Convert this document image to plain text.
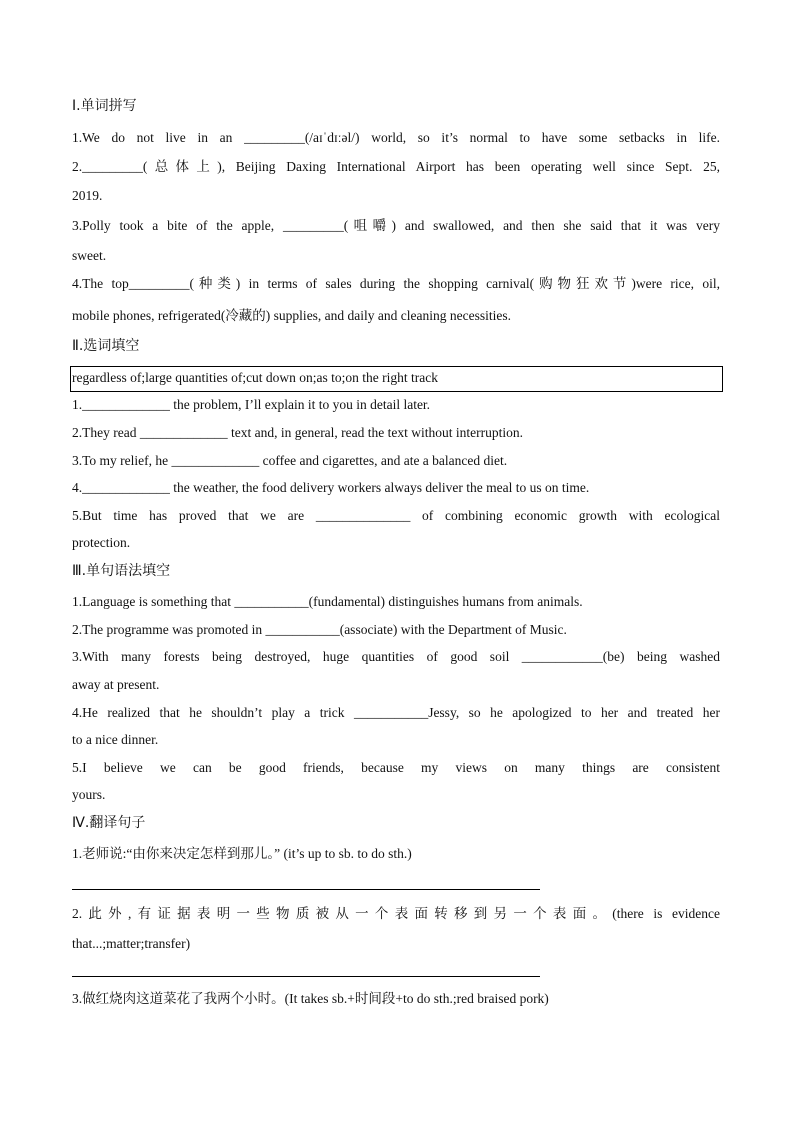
Ⅰ.单词拼写
1.We do not live in an _________(/aɪˈdɪːəl/) world, so it’s normal to have some setbacks in life.
2._________(总体上), Beijing Daxing International Airport has been operating well since Sept. 25,
2019.
3.Polly took a bite of the apple, _________(咀嚼) and swallowed, and then she said that it was very
sweet.
4.The top_________(种类) in terms of sales during the shopping carnival(购物狂欢节)were rice, oil,
mobile phones, refrigerated(冷藏的) supplies, and daily and cleaning necessities.
Ⅱ.选词填空
regardless of;large quantities of;cut down on;as to;on the right track
1._____________ the problem, I’ll explain it to you in detail later.
2.They read _____________ text and, in general, read the text without interruption.
3.To my relief, he _____________ coffee and cigarettes, and ate a balanced diet.
4._____________ the weather, the food delivery workers always deliver the meal to us on time.
5.But time has proved that we are ______________ of combining economic growth with ecological
protection.
Ⅲ.单句语法填空
1.Language is something that ___________(fundamental) distinguishes humans from animals.
2.The programme was promoted in ___________(associate) with the Department of Music.
3.With many forests being destroyed, huge quantities of good soil ____________(be) being washed
away at present.
4.He realized that he shouldn’t play a trick ___________Jessy, so he apologized to her and treated her
to a nice dinner.
5.I believe we can be good friends, because my views on many things are consistent
yours.
Ⅳ.翻译句子
1.老师说:“由你来决定怎样到那儿。” (it’s up to sb. to do sth.)
2.此外,有证据表明一些物质被从一个表面转移到另一个表面。(there is evidence
that...;matter;transfer)
3.做红烧肉这道菜花了我两个小时。(It takes sb.+时间段+to do sth.;red braised pork)
